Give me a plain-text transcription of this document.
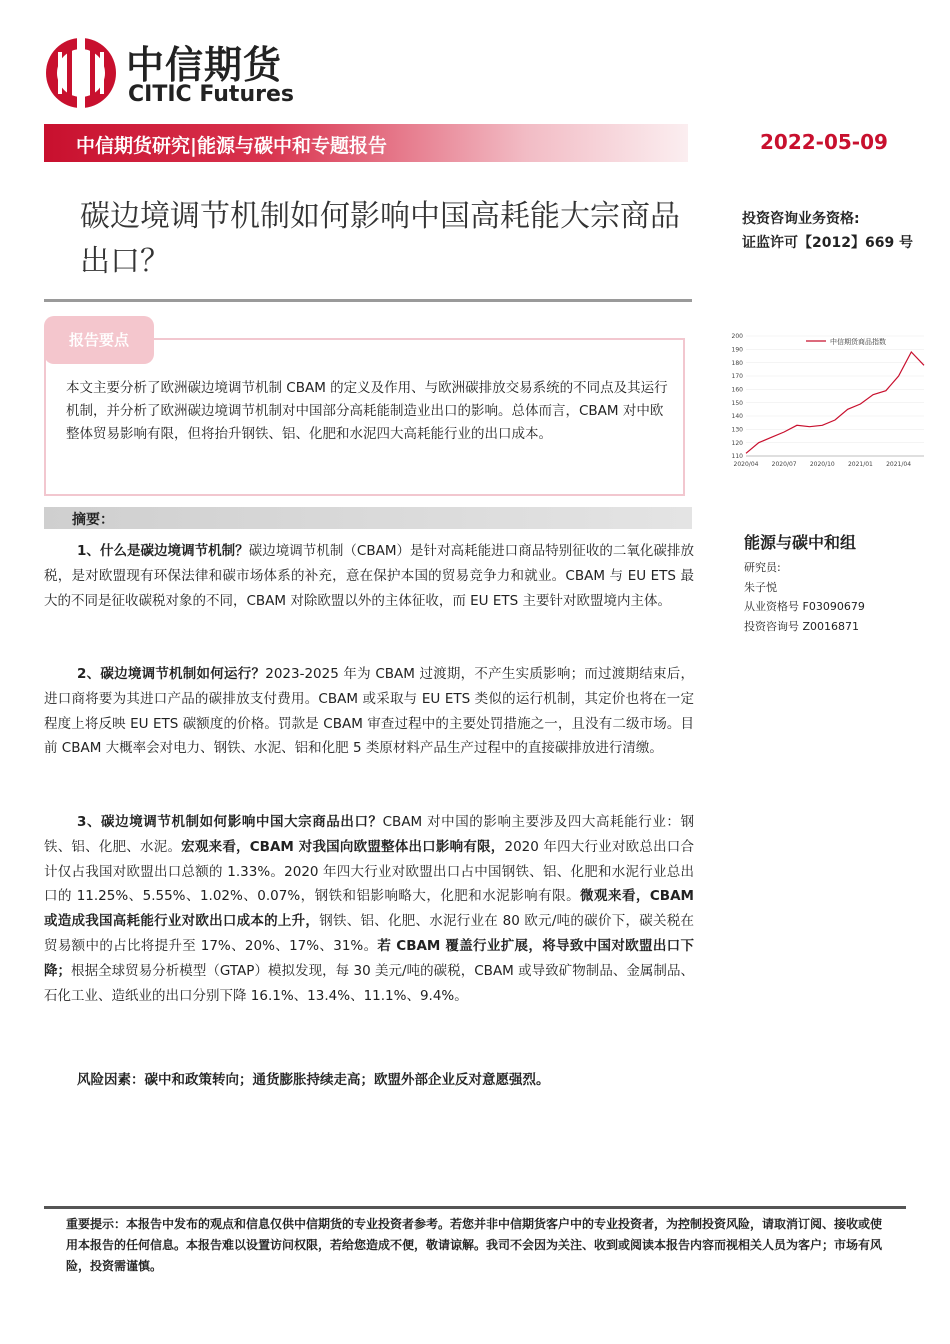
中信期货
CITIC Futures
中信期货研究|能源与碳中和专题报告	2022-05-09
碳边境调节机制如何影响中国高耗能大宗商品出口？
投资咨询业务资格:
证监许可【2012】669 号
报告要点
本文主要分析了欧洲碳边境调节机制 CBAM 的定义及作用、与欧洲碳排放交易系统的不同点及其运行机制，并分析了欧洲碳边境调节机制对中国部分高耗能制造业出口的影响。总体而言，CBAM 对中欧整体贸易影响有限，但将抬升钢铁、铝、化肥和水泥四大高耗能行业的出口成本。
摘要：
1、什么是碳边境调节机制？碳边境调节机制（CBAM）是针对高耗能进口商品特别征收的二氧化碳排放税，是对欧盟现有环保法律和碳市场体系的补充，意在保护本国的贸易竞争力和就业。CBAM 与 EU ETS 最大的不同是征收碳税对象的不同，CBAM 对除欧盟以外的主体征收，而 EU ETS 主要针对欧盟境内主体。
2、碳边境调节机制如何运行？2023-2025 年为 CBAM 过渡期，不产生实质影响；而过渡期结束后，进口商将要为其进口产品的碳排放支付费用。CBAM 或采取与 EU ETS 类似的运行机制，其定价也将在一定程度上将反映 EU ETS 碳额度的价格。罚款是 CBAM 审查过程中的主要处罚措施之一，且没有二级市场。目前 CBAM 大概率会对电力、钢铁、水泥、铝和化肥 5 类原材料产品生产过程中的直接碳排放进行清缴。
3、碳边境调节机制如何影响中国大宗商品出口？CBAM 对中国的影响主要涉及四大高耗能行业：钢铁、铝、化肥、水泥。宏观来看，CBAM 对我国向欧盟整体出口影响有限，2020 年四大行业对欧总出口合计仅占我国对欧盟出口总额的 1.33%。2020 年四大行业对欧盟出口占中国钢铁、铝、化肥和水泥行业总出口的 11.25%、5.55%、1.02%、0.07%，钢铁和铝影响略大，化肥和水泥影响有限。微观来看，CBAM 或造成我国高耗能行业对欧出口成本的上升，钢铁、铝、化肥、水泥行业在 80 欧元/吨的碳价下，碳关税在贸易额中的占比将提升至 17%、20%、17%、31%。若 CBAM 覆盖行业扩展，将导致中国对欧盟出口下降；根据全球贸易分析模型（GTAP）模拟发现，每 30 美元/吨的碳税，CBAM 或导致矿物制品、金属制品、石化工业、造纸业的出口分别下降 16.1%、13.4%、11.1%、9.4%。
风险因素：碳中和政策转向；通货膨胀持续走高；欧盟外部企业反对意愿强烈。
110
120
130
140
150
160
170
180
190
200
2020/04 2020/07 2020/10 2021/01 2021/04
中信期货商品指数
能源与碳中和组
研究员:
朱子悦
从业资格号 F03090679
投资咨询号 Z0016871
重要提示：本报告中发布的观点和信息仅供中信期货的专业投资者参考。若您并非中信期货客户中的专业投资者，为控制投资风险，请取消订阅、接收或使用本报告的任何信息。本报告难以设置访问权限，若给您造成不便，敬请谅解。我司不会因为关注、收到或阅读本报告内容而视相关人员为客户；市场有风险，投资需谨慎。
